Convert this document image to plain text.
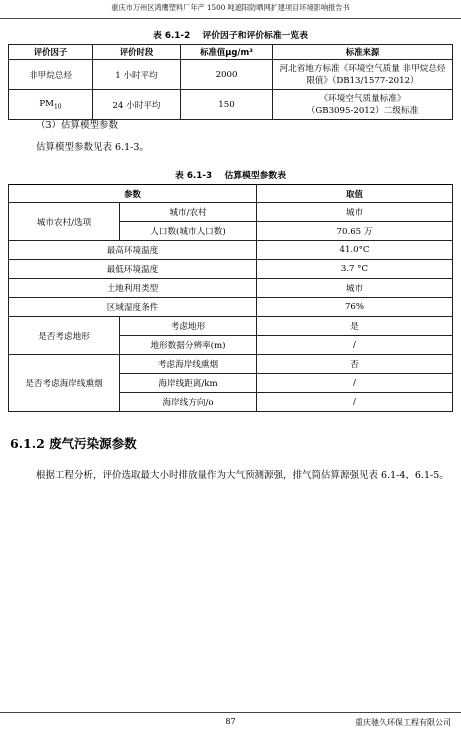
重庆市万州区鸿鹰塑料厂年产 1500 吨遮阳防晒网扩建项目环境影响报告书
表 6.1-2 评价因子和评价标准一览表
评价因子	评价时段	标准值μg/m³	标准来源
非甲烷总烃	1 小时平均	2000	河北省地方标准《环境空气质量 非甲烷总烃
限值》（DB13/1577-2012）

$PM_{10}$	24 小时平均	150	《环境空气质量标准》
（GB3095-2012）二级标准
（3）估算模型参数
估算模型参数见表 6.1-3。
表 6.1-3 估算模型参数表
参数		取值
城市农村/选项	城市/农村	城市
	人口数(城市人口数)	70.65 万
最高环境温度		41.0°C
最低环境温度		3.7 °C
土地利用类型		城市
区域湿度条件		76%
是否考虑地形	考虑地形	是
	地形数据分辨率(m)	/
是否考虑海岸线熏烟	考虑海岸线熏烟	否
	海岸线距离/km	/
	海岸线方向/o	/
6.1.2 废气污染源参数
根据工程分析，评价选取最大小时排放量作为大气预测源强，排气筒估算源强见表 6.1-4、6.1-5。
87	重庆驰久环保工程有限公司
